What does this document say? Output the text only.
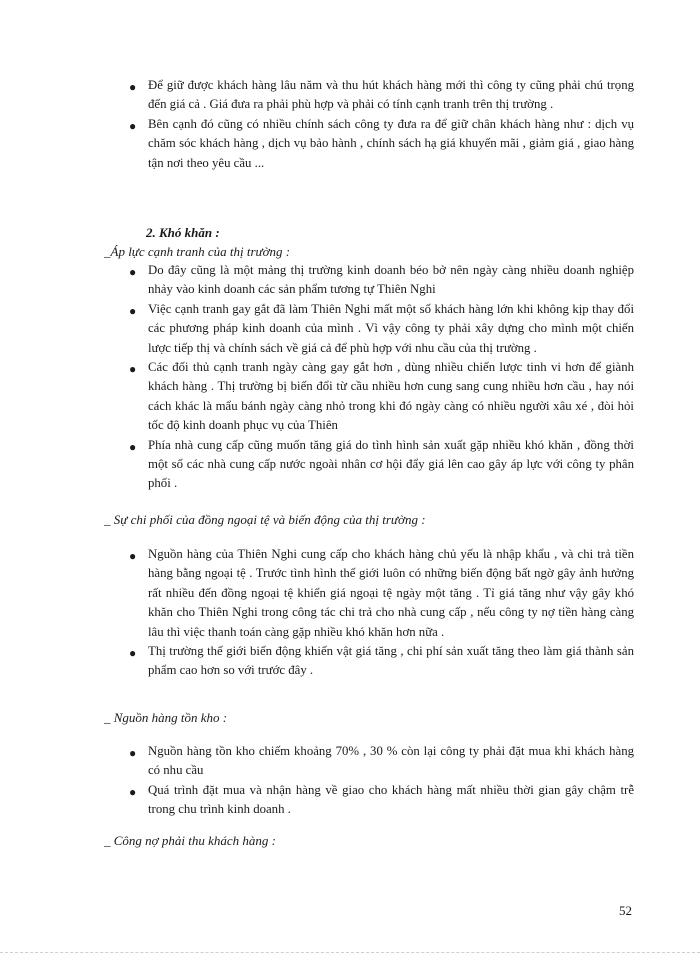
● Để giữ được khách hàng lâu năm và thu hút khách hàng mới thì công ty cũng phải chú trọng đến giá cả . Giá đưa ra phải phù hợp và phải có tính cạnh tranh trên thị trường .
● Bên cạnh đó cũng có nhiều chính sách công ty đưa ra để giữ chân khách hàng như : dịch vụ chăm sóc khách hàng , dịch vụ bảo hành , chính sách hạ giá khuyến mãi , giảm giá , giao hàng tận nơi theo yêu cầu ...
2. Khó khăn :
_Áp lực cạnh tranh của thị trường :
● Do đây cũng là một mảng thị trường kinh doanh béo bở nên ngày càng nhiều doanh nghiệp nhảy vào kinh doanh các sản phẩm tương tự Thiên Nghi
● Việc cạnh tranh gay gắt đã làm Thiên Nghi mất một số khách hàng lớn khi không kịp thay đổi các phương pháp kinh doanh của mình . Vì vậy công ty phải xây dựng cho mình một chiến lược tiếp thị và chính sách về giá cả để phù hợp với nhu cầu của thị trường .
● Các đối thủ cạnh tranh ngày càng gay gắt hơn , dùng nhiều chiến lược tinh vi hơn để giành khách hàng . Thị trường bị biến đổi từ cầu nhiều hơn cung sang cung nhiều hơn cầu , hay nói cách khác là mẩu bánh ngày càng nhỏ trong khi đó ngày càng có nhiều người xâu xé , đòi hỏi tốc độ kinh doanh phục vụ của Thiên
● Phía nhà cung cấp cũng muốn tăng giá do tình hình sản xuất gặp nhiều khó khăn , đồng thời một số các nhà cung cấp nước ngoài nhân cơ hội đẩy giá lên cao gây áp lực với công ty phân phối .
_ Sự chi phối của đồng ngoại tệ và biến động của thị trường :
● Nguồn hàng của Thiên Nghi cung cấp cho khách hàng chủ yếu là nhập khẩu , và chi trả tiền hàng bằng ngoại tệ . Trước tình hình thế giới luôn có những biến động bất ngờ gây ảnh hưởng rất nhiều đến đồng ngoại tệ khiến giá ngoại tệ ngày một tăng . Tỉ giá tăng như vậy gây khó khăn cho Thiên Nghi trong công tác chi trả cho nhà cung cấp , nếu công ty nợ tiền hàng càng lâu thì việc thanh toán càng gặp nhiều khó khăn hơn nữa .
● Thị trường thế giới biến động khiến vật giá tăng , chi phí sản xuất tăng theo làm giá thành sản phẩm cao hơn so với trước đây .
_ Nguồn hàng tồn kho :
● Nguồn hàng tồn kho chiếm khoảng 70% , 30 % còn lại công ty phải đặt mua khi khách hàng có nhu cầu
● Quá trình đặt mua và nhận hàng về giao cho khách hàng mất nhiều thời gian gây chậm trễ trong chu trình kinh doanh .
_ Công nợ phải thu khách hàng :
52
